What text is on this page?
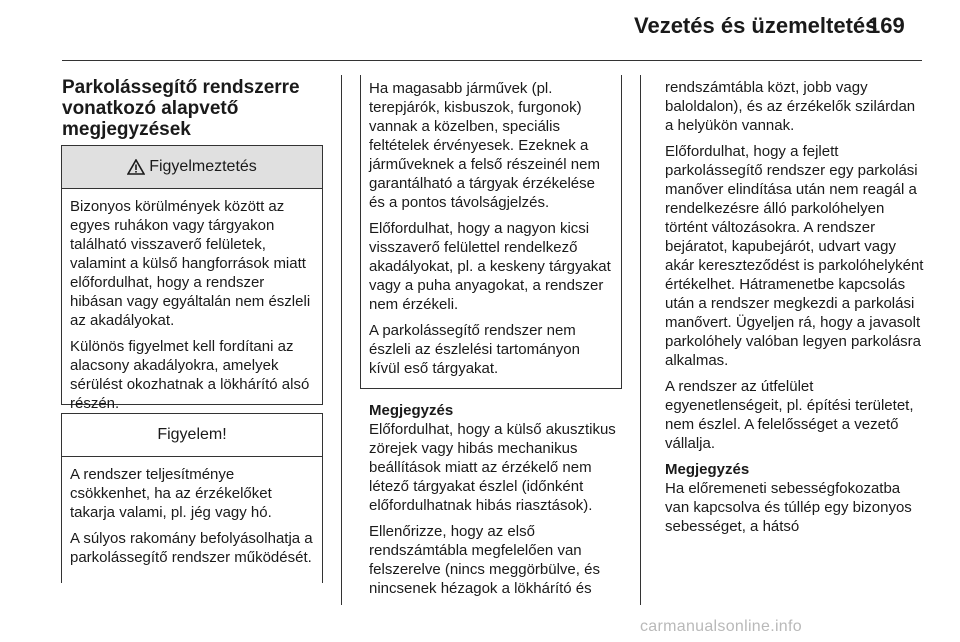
Vezetés és üzemeltetés
169
Parkolássegítő rendszerre vonatkozó alapvető megjegyzések
Figyelmeztetés

Bizonyos körülmények között az egyes ruhákon vagy tárgyakon található visszaverő felületek, valamint a külső hangforrások miatt előfordulhat, hogy a rendszer hibásan vagy egyáltalán nem észleli az akadályokat.

Különös figyelmet kell fordítani az alacsony akadályokra, amelyek sérülést okozhatnak a lökhárító alsó részén.

Figyelem!

A rendszer teljesítménye csökkenhet, ha az érzékelőket takarja valami, pl. jég vagy hó.

A súlyos rakomány befolyásolhatja a parkolássegítő rendszer működését.

Ha magasabb járművek (pl. terepjárók, kisbuszok, furgonok) vannak a közelben, speciális feltételek érvényesek. Ezeknek a járműveknek a felső részeinél nem garantálható a tárgyak érzékelése és a pontos távolságjelzés.

Előfordulhat, hogy a nagyon kicsi visszaverő felülettel rendelkező akadályokat, pl. a keskeny tárgyakat vagy a puha anyagokat, a rendszer nem érzékeli.

A parkolássegítő rendszer nem észleli az észlelési tartományon kívül eső tárgyakat.

Megjegyzés
Előfordulhat, hogy a külső akusztikus zörejek vagy hibás mechanikus beállítások miatt az érzékelő nem létező tárgyakat észlel (időnként előfordulhatnak hibás riasztások).

Ellenőrizze, hogy az első rendszámtábla megfelelően van felszerelve (nincs meggörbülve, és nincsenek hézagok a lökhárító és

rendszámtábla közt, jobb vagy baloldalon), és az érzékelők szilárdan a helyükön vannak.

Előfordulhat, hogy a fejlett parkolássegítő rendszer egy parkolási manőver elindítása után nem reagál a rendelkezésre álló parkolóhelyen történt változásokra. A rendszer bejáratot, kapubejárót, udvart vagy akár kereszteződést is parkolóhelyként értékelhet. Hátramenetbe kapcsolás után a rendszer megkezdi a parkolási manővert. Ügyeljen rá, hogy a javasolt parkolóhely valóban legyen parkolásra alkalmas.

A rendszer az útfelület egyenetlenségeit, pl. építési területet, nem észlel. A felelősséget a vezető vállalja.

Megjegyzés
Ha előremeneti sebességfokozatba van kapcsolva és túllép egy bizonyos sebességet, a hátsó

carmanualsonline.info
